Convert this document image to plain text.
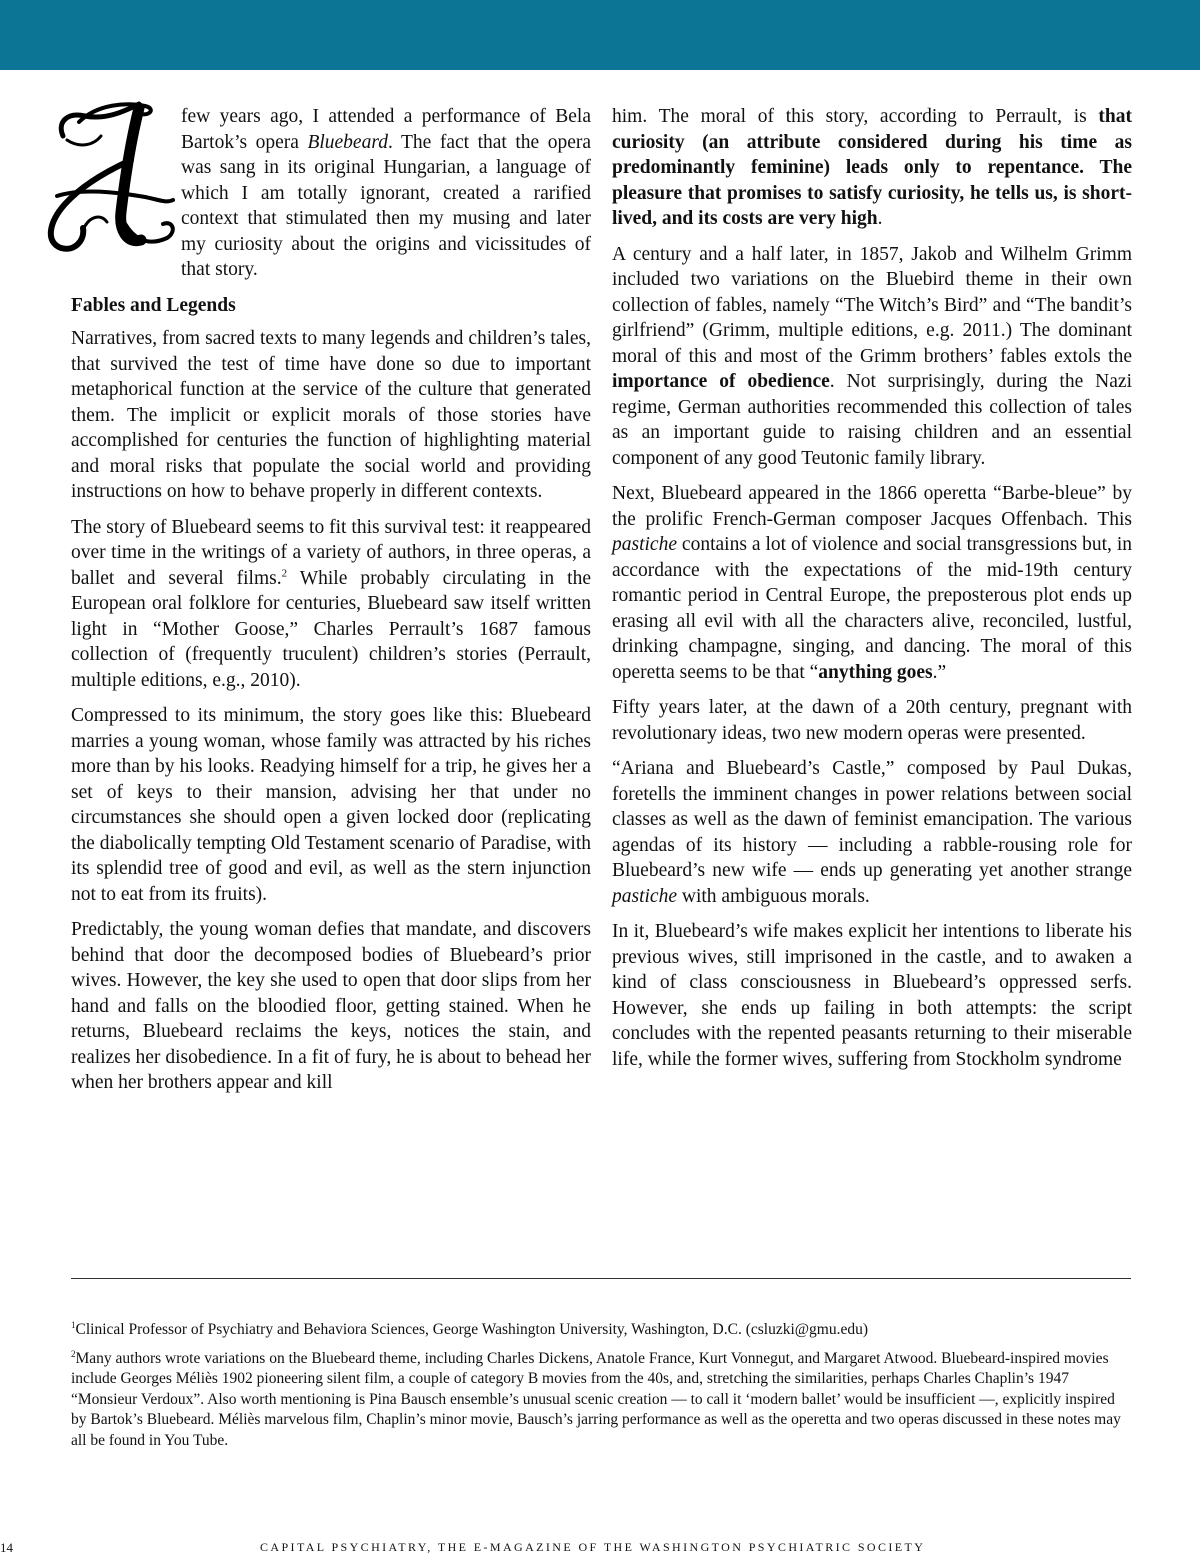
few years ago, I attended a performance of Bela Bartok’s opera Bluebeard. The fact that the opera was sang in its original Hungarian, a language of which I am totally ignorant, created a rarified context that stimulated then my musing and later my curiosity about the origins and vicissitudes of that story.

Fables and Legends

Narratives, from sacred texts to many legends and children’s tales, that survived the test of time have done so due to important metaphorical function at the service of the culture that generated them. The implicit or explicit morals of those stories have accomplished for centuries the function of highlighting material and moral risks that populate the social world and providing instructions on how to behave properly in different contexts.

The story of Bluebeard seems to fit this survival test: it reappeared over time in the writings of a variety of authors, in three operas, a ballet and several films.$^2$ While probably circulating in the European oral folklore for centuries, Bluebeard saw itself written light in “Mother Goose,” Charles Perrault’s 1687 famous collection of (frequently truculent) children’s stories (Perrault, multiple editions, e.g., 2010).

Compressed to its minimum, the story goes like this: Bluebeard marries a young woman, whose family was attracted by his riches more than by his looks. Readying himself for a trip, he gives her a set of keys to their mansion, advising her that under no circumstances she should open a given locked door (replicating the diabolically tempting Old Testament scenario of Paradise, with its splendid tree of good and evil, as well as the stern injunction not to eat from its fruits).

Predictably, the young woman defies that mandate, and discovers behind that door the decomposed bodies of Bluebeard’s prior wives. However, the key she used to open that door slips from her hand and falls on the bloodied floor, getting stained. When he returns, Bluebeard reclaims the keys, notices the stain, and realizes her disobedience. In a fit of fury, he is about to behead her when her brothers appear and kill

him. The moral of this story, according to Perrault, is that curiosity (an attribute considered during his time as predominantly feminine) leads only to repentance. The pleasure that promises to satisfy curiosity, he tells us, is short-lived, and its costs are very high.

A century and a half later, in 1857, Jakob and Wilhelm Grimm included two variations on the Bluebird theme in their own collection of fables, namely “The Witch’s Bird” and “The bandit’s girlfriend” (Grimm, multiple editions, e.g. 2011.) The dominant moral of this and most of the Grimm brothers’ fables extols the importance of obedience. Not surprisingly, during the Nazi regime, German authorities recommended this collection of tales as an important guide to raising children and an essential component of any good Teutonic family library.

Next, Bluebeard appeared in the 1866 operetta “Barbe-bleue” by the prolific French-German composer Jacques Offenbach. This pastiche contains a lot of violence and social transgressions but, in accordance with the expectations of the mid-19th century romantic period in Central Europe, the preposterous plot ends up erasing all evil with all the characters alive, reconciled, lustful, drinking champagne, singing, and dancing. The moral of this operetta seems to be that “anything goes.”

Fifty years later, at the dawn of a 20th century, pregnant with revolutionary ideas, two new modern operas were presented.

“Ariana and Bluebeard’s Castle,” composed by Paul Dukas, foretells the imminent changes in power relations between social classes as well as the dawn of feminist emancipation. The various agendas of its history — including a rabble-rousing role for Bluebeard’s new wife — ends up generating yet another strange pastiche with ambiguous morals.

In it, Bluebeard’s wife makes explicit her intentions to liberate his previous wives, still imprisoned in the castle, and to awaken a kind of class consciousness in Bluebeard’s oppressed serfs. However, she ends up failing in both attempts: the script concludes with the repented peasants returning to their miserable life, while the former wives, suffering from Stockholm syndrome

$^1$Clinical Professor of Psychiatry and Behaviora Sciences, George Washington University, Washington, D.C. (csluzki@gmu.edu)

$^2$Many authors wrote variations on the Bluebeard theme, including Charles Dickens, Anatole France, Kurt Vonnegut, and Margaret Atwood. Bluebeard-inspired movies include Georges Méliès 1902 pioneering silent film, a couple of category B movies from the 40s, and, stretching the similarities, perhaps Charles Chaplin’s 1947 “Monsieur Verdoux”. Also worth mentioning is Pina Bausch ensemble’s unusual scenic creation — to call it ‘modern ballet’ would be insufficient —, explicitly inspired by Bartok’s Bluebeard. Méliès marvelous film, Chaplin’s minor movie, Bausch’s jarring performance as well as the operetta and two operas discussed in these notes may all be found in You Tube.

14	CAPITAL PSYCHIATRY, THE E-MAGAZINE OF THE WASHINGTON PSYCHIATRIC SOCIETY
